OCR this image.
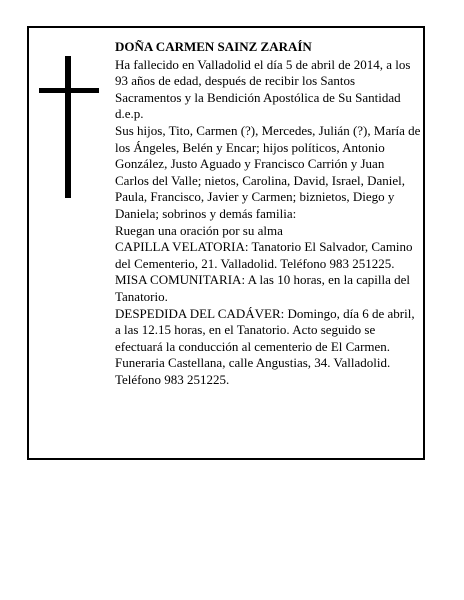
DOÑA CARMEN SAINZ ZARAÍN

Ha fallecido en Valladolid el día 5 de abril de 2014, a los 93 años de edad, después de recibir los Santos Sacramentos y la Bendición Apostólica de Su Santidad

d.e.p.

Sus hijos, Tito, Carmen (?), Mercedes, Julián (?), María de los Ángeles, Belén y Encar; hijos políticos, Antonio González, Justo Aguado y Francisco Carrión y Juan Carlos del Valle; nietos, Carolina, David, Israel, Daniel, Paula, Francisco, Javier y Carmen; biznietos, Diego y Daniela; sobrinos y demás familia:

Ruegan una oración por su alma

CAPILLA VELATORIA: Tanatorio El Salvador, Camino del Cementerio, 21. Valladolid. Teléfono 983 251225.

MISA COMUNITARIA: A las 10 horas, en la capilla del Tanatorio.

DESPEDIDA DEL CADÁVER: Domingo, día 6 de abril, a las 12.15 horas, en el Tanatorio. Acto seguido se efectuará la conducción al cementerio de El Carmen.

Funeraria Castellana, calle Angustias, 34. Valladolid. Teléfono 983 251225.
